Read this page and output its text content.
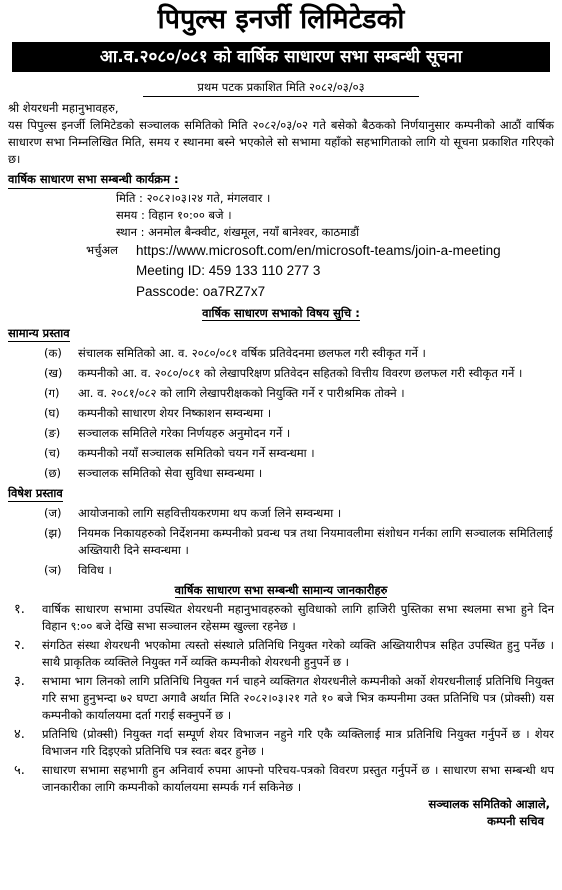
पिपुल्स इनर्जी लिमिटेडको
आ.व.२०८०/०८१ को वार्षिक साधारण सभा सम्बन्धी सूचना
प्रथम पटक प्रकाशित मिति २०८२/०३/०३
श्री शेयरधनी महानुभावहरु,
यस पिपुल्स इनर्जी लिमिटेडको सञ्चालक समितिको मिति २०८२/०३/०२ गते बसेको बैठकको निर्णयानुसार कम्पनीको आठौं वार्षिक साधारण सभा निम्नलिखित मिति, समय र स्थानमा बस्ने भएकोले सो सभामा यहाँको सहभागिताको लागि यो सूचना प्रकाशित गरिएको छ।
वार्षिक साधारण सभा सम्बन्धी कार्यक्रम :
मिति : २०८२।०३।२४ गते, मंगलवार ।
समय : विहान १०:०० बजे ।
स्थान : अनमोल बैन्क्वीट, शंखमूल, नयाँ बानेश्वर, काठमाडौं
भर्चुअल	https://www.microsoft.com/en/microsoft-teams/join-a-meeting
Meeting ID: 459 133 110 277 3
Passcode: oa7RZ7x7
वार्षिक साधारण सभाको विषय सुचि :
सामान्य प्रस्ताव
(क)	संचालक समितिको आ. व. २०८०/०८१ वर्षिक प्रतिवेदनमा छलफल गरी स्वीकृत गर्ने ।
(ख)	कम्पनीको आ. व. २०८०/०८१ को लेखापरिक्षण प्रतिवेदन सहितको वित्तीय विवरण छलफल गरी स्वीकृत गर्ने ।
(ग)	आ. व. २०८१/०८२ को लागि लेखापरीक्षकको नियुक्ति गर्ने र पारीश्रमिक तोक्ने ।
(घ)	कम्पनीको साधारण शेयर निष्काशन सम्वन्धमा ।
(ङ)	सञ्चालक समितिले गरेका निर्णयहरु अनुमोदन गर्ने ।
(च)	कम्पनीको नयाँ सञ्चालक समितिको चयन गर्ने सम्वन्धमा ।
(छ)	सञ्चालक समितिको सेवा सुविधा सम्वन्धमा ।
विषेश प्रस्ताव
(ज)	आयोजनाको लागि सहवित्तीयकरणमा थप कर्जा लिने सम्वन्धमा ।
(झ)	नियमक निकायहरुको निर्देशनमा कम्पनीको प्रवन्ध पत्र तथा नियमावलीमा संशोधन गर्नका लागि सञ्चालक समितिलाई अख्तियारी दिने सम्वन्धमा ।
(ञ)	विविध ।
वार्षिक साधारण सभा सम्बन्धी सामान्य जानकारीहरु
१.	वार्षिक साधारण सभामा उपस्थित शेयरधनी महानुभावहरुको सुविधाको लागि हाजिरी पुस्तिका सभा स्थलमा सभा हुने दिन विहान ९:०० बजे देखि सभा सञ्चालन रहेसम्म खुल्ला रहनेछ ।
२.	संगठित संस्था शेयरधनी भएकोमा त्यस्तो संस्थाले प्रतिनिधि नियुक्त गरेको व्यक्ति अख्तियारीपत्र सहित उपस्थित हुनु पर्नेछ । साथै प्राकृतिक व्यक्तिले नियुक्त गर्ने व्यक्ति कम्पनीको शेयरधनी हुनुपर्ने छ ।
३.	सभामा भाग लिनको लागि प्रतिनिधि नियुक्त गर्न चाहने व्यक्तिगत शेयरधनीले कम्पनीको अर्को शेयरधनीलाई प्रतिनिधि नियुक्त गरि सभा हुनुभन्दा ७२ घण्टा अगावै अर्थात मिति २०८२।०३।२१ गते १० बजे भित्र कम्पनीमा उक्त प्रतिनिधि पत्र (प्रोक्सी) यस कम्पनीको कार्यालयमा दर्ता गराई सक्नुपर्ने छ ।
४.	प्रतिनिधि (प्रोक्सी) नियुक्त गर्दा सम्पूर्ण शेयर विभाजन नहुने गरि एकै व्यक्तिलाई मात्र प्रतिनिधि नियुक्त गर्नुपर्ने छ । शेयर विभाजन गरि दिइएको प्रतिनिधि पत्र स्वतः बदर हुनेछ ।
५.	साधारण सभामा सहभागी हुन अनिवार्य रुपमा आफ्नो परिचय-पत्रको विवरण प्रस्तुत गर्नुपर्ने छ । साधारण सभा सम्बन्धी थप जानकारीका लागि कम्पनीको कार्यालयमा सम्पर्क गर्न सकिनेछ ।
सञ्चालक समितिको आज्ञाले,
कम्पनी सचिव
